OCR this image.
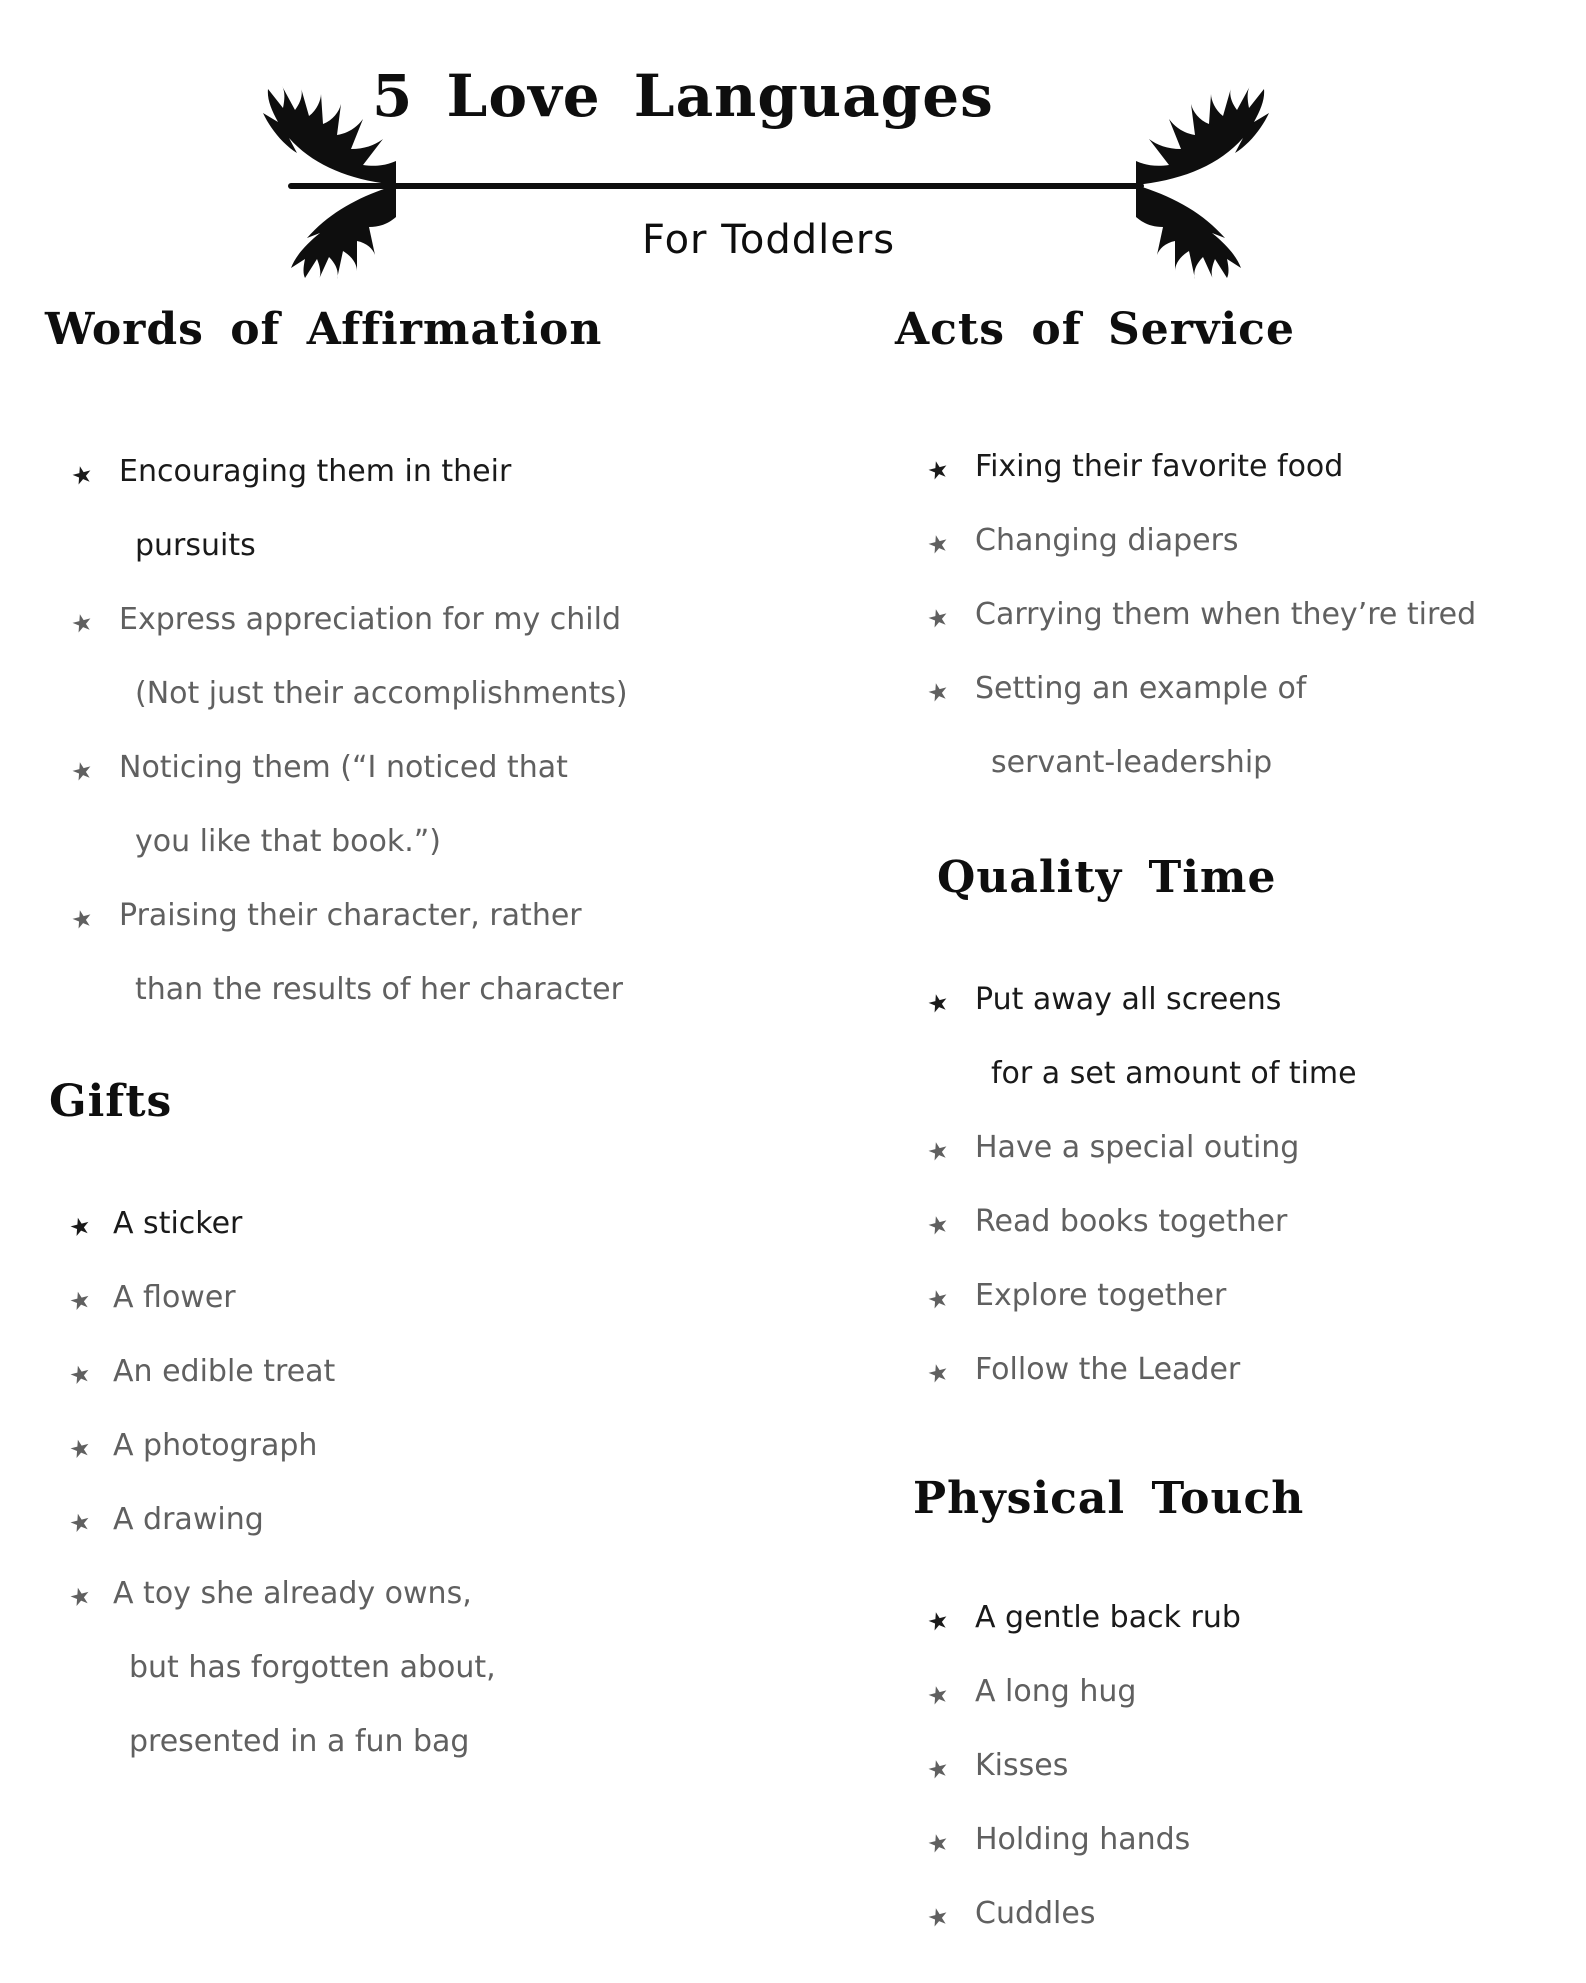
5 Love Languages
For Toddlers
Words of Affirmation
★ Encouraging them in their
pursuits
★ Express appreciation for my child
(Not just their accomplishments)
★ Noticing them (“I noticed that
you like that book.”)
★ Praising their character, rather
than the results of her character
Gifts
★ A sticker
★ A flower
★ An edible treat
★ A photograph
★ A drawing
★ A toy she already owns,
but has forgotten about,
presented in a fun bag
Acts of Service
★ Fixing their favorite food
★ Changing diapers
★ Carrying them when they’re tired
★ Setting an example of
servant-leadership
Quality Time
★ Put away all screens
for a set amount of time
★ Have a special outing
★ Read books together
★ Explore together
★ Follow the Leader
Physical Touch
★ A gentle back rub
★ A long hug
★ Kisses
★ Holding hands
★ Cuddles
